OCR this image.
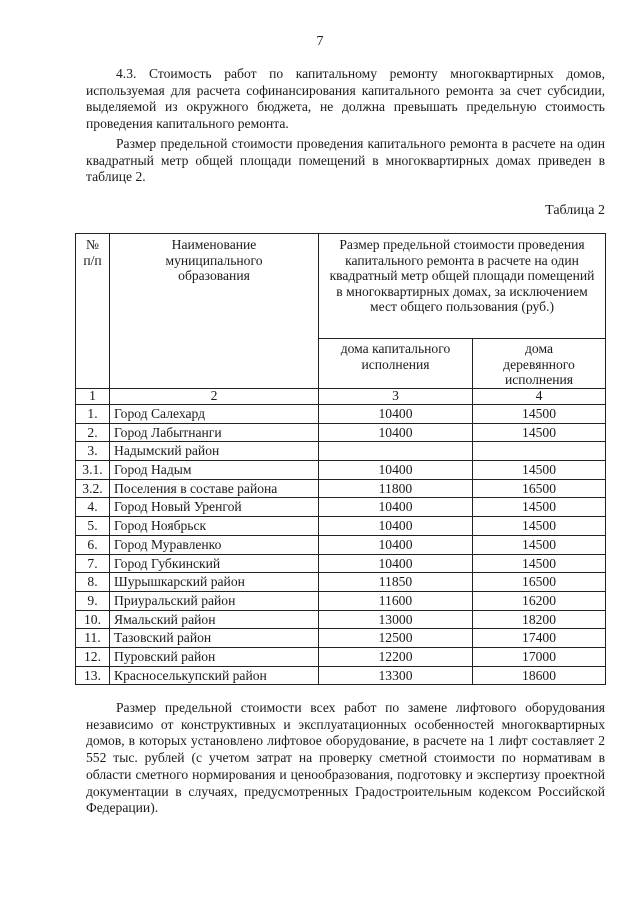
7

4.3. Стоимость работ по капитальному ремонту многоквартирных домов, используемая для расчета софинансирования капитального ремонта за счет субсидии, выделяемой из окружного бюджета, не должна превышать предельную стоимость проведения капитального ремонта.

Размер предельной стоимости проведения капитального ремонта в расчете на один квадратный метр общей площади помещений в многоквартирных домах приведен в таблице 2.

Таблица 2
№ п/п	Наименование муниципального образования	Размер предельной стоимости проведения капитального ремонта в расчете на один квадратный метр общей площади помещений в многоквартирных домах, за исключением мест общего пользования (руб.)	
		дома капитального исполнения	дома деревянного исполнения
1	2	3	4
1.	Город Салехард	10400	14500
2.	Город Лабытнанги	10400	14500
3.	Надымский район		
3.1.	Город Надым	10400	14500
3.2.	Поселения в составе района	11800	16500
4.	Город Новый Уренгой	10400	14500
5.	Город Ноябрьск	10400	14500
6.	Город Муравленко	10400	14500
7.	Город Губкинский	10400	14500
8.	Шурышкарский район	11850	16500
9.	Приуральский район	11600	16200
10.	Ямальский район	13000	18200
11.	Тазовский район	12500	17400
12.	Пуровский район	12200	17000
13.	Красноселькупский район	13300	18600

Размер предельной стоимости всех работ по замене лифтового оборудования независимо от конструктивных и эксплуатационных особенностей многоквартирных домов, в которых установлено лифтовое оборудование, в расчете на 1 лифт составляет 2 552 тыс. рублей (с учетом затрат на проверку сметной стоимости по нормативам в области сметного нормирования и ценообразования, подготовку и экспертизу проектной документации в случаях, предусмотренных Градостроительным кодексом Российской Федерации).
